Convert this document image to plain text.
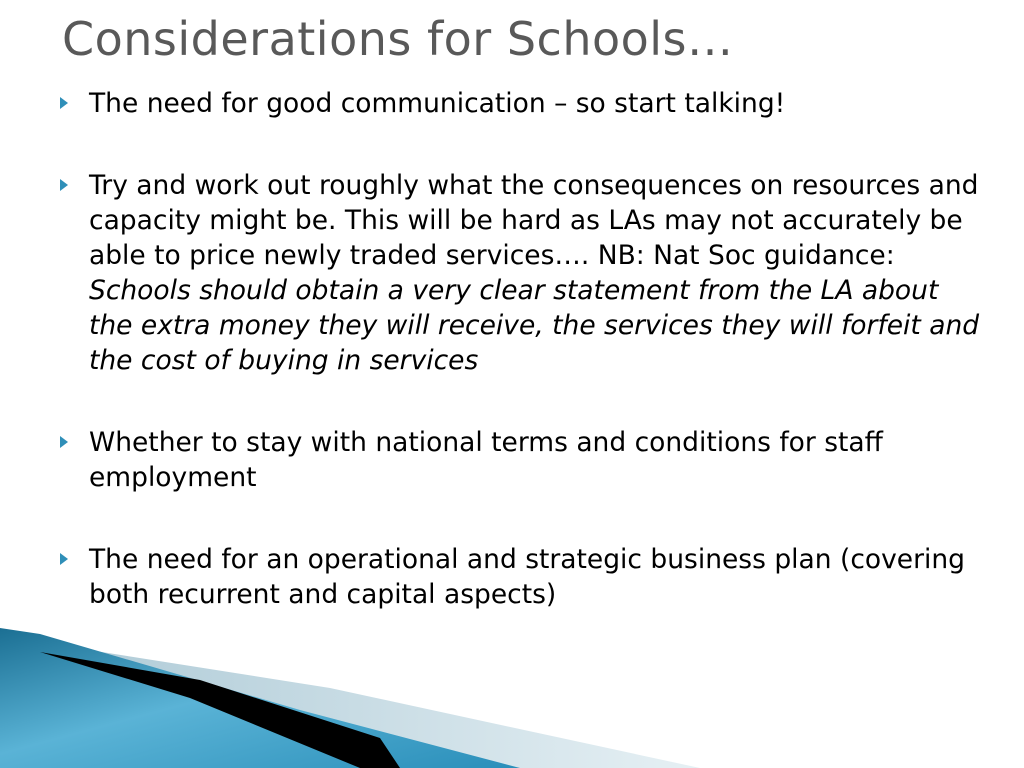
Considerations for Schools…
The need for good communication – so start talking!
Try and work out roughly what the consequences on resources and capacity might be. This will be hard as LAs may not accurately be able to price newly traded services…. NB: Nat Soc guidance: Schools should obtain a very clear statement from the LA about the extra money they will receive, the services they will forfeit and the cost of buying in services
Whether to stay with national terms and conditions for staff employment
The need for an operational and strategic business plan (covering both recurrent and capital aspects)
